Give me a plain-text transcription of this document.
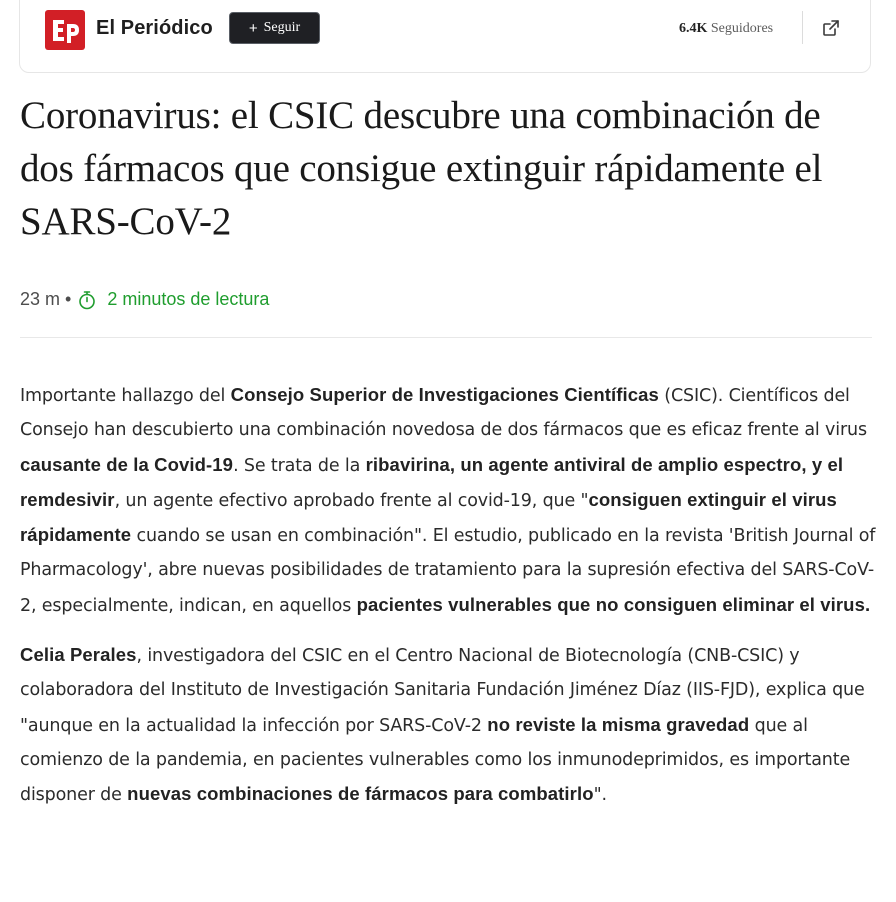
El Periódico + Seguir	6.4K Seguidores
Coronavirus: el CSIC descubre una combinación de dos fármacos que consigue extinguir rápidamente el SARS-CoV-2
23 m • 2 minutos de lectura

Importante hallazgo del Consejo Superior de Investigaciones Científicas (CSIC). Científicos del Consejo han descubierto una combinación novedosa de dos fármacos que es eficaz frente al virus causante de la Covid-19. Se trata de la ribavirina, un agente antiviral de amplio espectro, y el remdesivir, un agente efectivo aprobado frente al covid-19, que "consiguen extinguir el virus rápidamente cuando se usan en combinación". El estudio, publicado en la revista 'British Journal of Pharmacology', abre nuevas posibilidades de tratamiento para la supresión efectiva del SARS-CoV-2, especialmente, indican, en aquellos pacientes vulnerables que no consiguen eliminar el virus.

Celia Perales, investigadora del CSIC en el Centro Nacional de Biotecnología (CNB-CSIC) y colaboradora del Instituto de Investigación Sanitaria Fundación Jiménez Díaz (IIS-FJD), explica que "aunque en la actualidad la infección por SARS-CoV-2 no reviste la misma gravedad que al comienzo de la pandemia, en pacientes vulnerables como los inmunodeprimidos, es importante disponer de nuevas combinaciones de fármacos para combatirlo".
